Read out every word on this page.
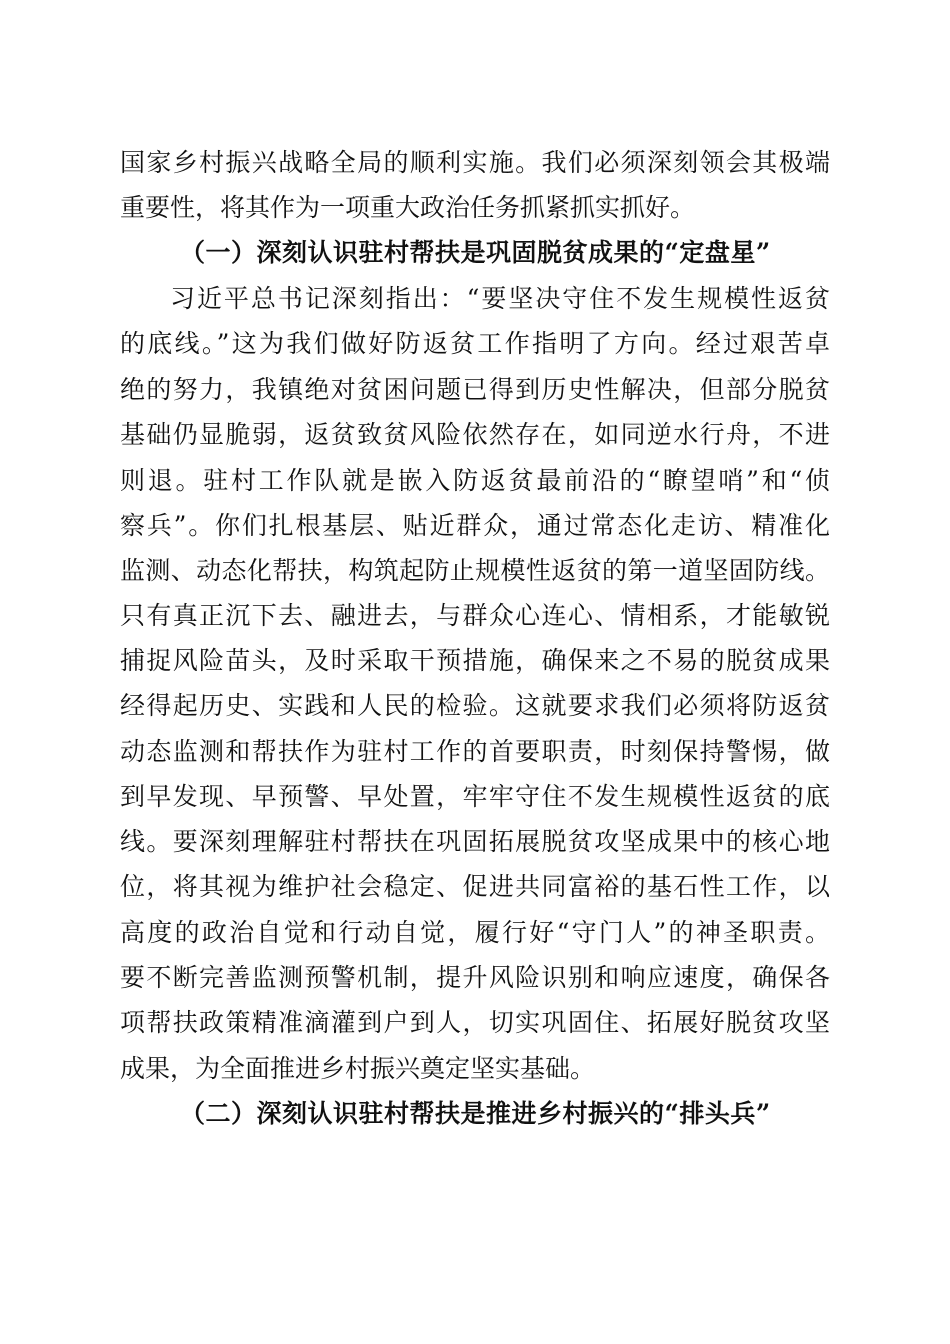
国家乡村振兴战略全局的顺利实施。我们必须深刻领会其极端
重要性，将其作为一项重大政治任务抓紧抓实抓好。
（一）深刻认识驻村帮扶是巩固脱贫成果的“定盘星”
习近平总书记深刻指出：“要坚决守住不发生规模性返贫
的底线。”这为我们做好防返贫工作指明了方向。经过艰苦卓
绝的努力，我镇绝对贫困问题已得到历史性解决，但部分脱贫
基础仍显脆弱，返贫致贫风险依然存在，如同逆水行舟，不进
则退。驻村工作队就是嵌入防返贫最前沿的“瞭望哨”和“侦
察兵”。你们扎根基层、贴近群众，通过常态化走访、精准化
监测、动态化帮扶，构筑起防止规模性返贫的第一道坚固防线。
只有真正沉下去、融进去，与群众心连心、情相系，才能敏锐
捕捉风险苗头，及时采取干预措施，确保来之不易的脱贫成果
经得起历史、实践和人民的检验。这就要求我们必须将防返贫
动态监测和帮扶作为驻村工作的首要职责，时刻保持警惕，做
到早发现、早预警、早处置，牢牢守住不发生规模性返贫的底
线。要深刻理解驻村帮扶在巩固拓展脱贫攻坚成果中的核心地
位，将其视为维护社会稳定、促进共同富裕的基石性工作，以
高度的政治自觉和行动自觉，履行好“守门人”的神圣职责。
要不断完善监测预警机制，提升风险识别和响应速度，确保各
项帮扶政策精准滴灌到户到人，切实巩固住、拓展好脱贫攻坚
成果，为全面推进乡村振兴奠定坚实基础。
（二）深刻认识驻村帮扶是推进乡村振兴的“排头兵”
